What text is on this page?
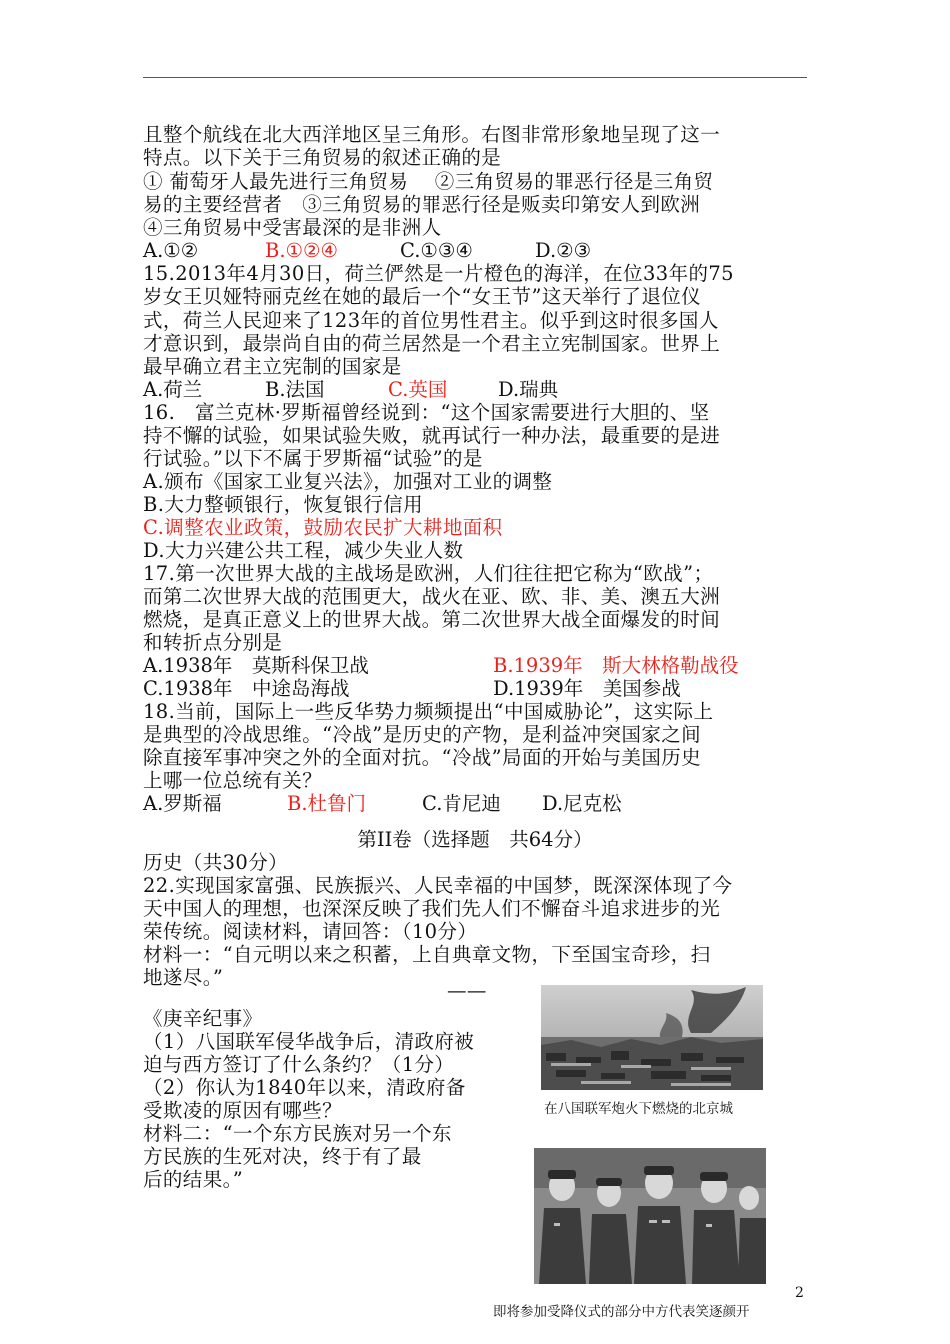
且整个航线在北大西洋地区呈三角形。右图非常形象地呈现了这一
特点。以下关于三角贸易的叙述正确的是
① 葡萄牙人最先进行三角贸易　 ②三角贸易的罪恶行径是三角贸
易的主要经营者　③三角贸易的罪恶行径是贩卖印第安人到欧洲
④三角贸易中受害最深的是非洲人
15.2013年4月30日，荷兰俨然是一片橙色的海洋，在位33年的75
岁女王贝娅特丽克丝在她的最后一个“女王节”这天举行了退位仪
式，荷兰人民迎来了123年的首位男性君主。似乎到这时很多国人
才意识到，最崇尚自由的荷兰居然是一个君主立宪制国家。世界上
最早确立君主立宪制的国家是
16.　富兰克林·罗斯福曾经说到：“这个国家需要进行大胆的、坚
持不懈的试验，如果试验失败，就再试行一种办法，最重要的是进
行试验。”以下不属于罗斯福“试验”的是
A.颁布《国家工业复兴法》，加强对工业的调整
B.大力整顿银行，恢复银行信用
D.大力兴建公共工程，减少失业人数
17.第一次世界大战的主战场是欧洲，人们往往把它称为“欧战”；
而第二次世界大战的范围更大，战火在亚、欧、非、美、澳五大洲
燃烧，是真正意义上的世界大战。第二次世界大战全面爆发的时间
和转折点分别是
18.当前，国际上一些反华势力频频提出“中国威胁论”，这实际上
是典型的冷战思维。“冷战”是历史的产物，是利益冲突国家之间
除直接军事冲突之外的全面对抗。“冷战”局面的开始与美国历史
上哪一位总统有关？
历史（共30分）
22.实现国家富强、民族振兴、人民幸福的中国梦，既深深体现了今
天中国人的理想，也深深反映了我们先人们不懈奋斗追求进步的光
荣传统。阅读材料，请回答：（10分）
材料一：“自元明以来之积蓄，上自典章文物，下至国宝奇珍，扫
地遂尽。”
《庚辛纪事》
（1）八国联军侵华战争后，清政府被
迫与西方签订了什么条约？（1分）
（2）你认为1840年以来，清政府备
受欺凌的原因有哪些？
材料二：“一个东方民族对另一个东
方民族的生死对决，终于有了最
后的结果。”
C.调整农业政策，鼓励农民扩大耕地面积
A.①②	B.①②④	C.①③④	D.②③
A.荷兰	B.法国	C.英国	D.瑞典
A.1938年　莫斯科保卫战	B.1939年　斯大林格勒战役
C.1938年　中途岛海战	D.1939年　美国参战
A.罗斯福	B.杜鲁门	C.肯尼迪 D.尼克松
第II卷（选择题　共64分）
——
在八国联军炮火下燃烧的北京城
2
即将参加受降仪式的部分中方代表笑逐颜开
